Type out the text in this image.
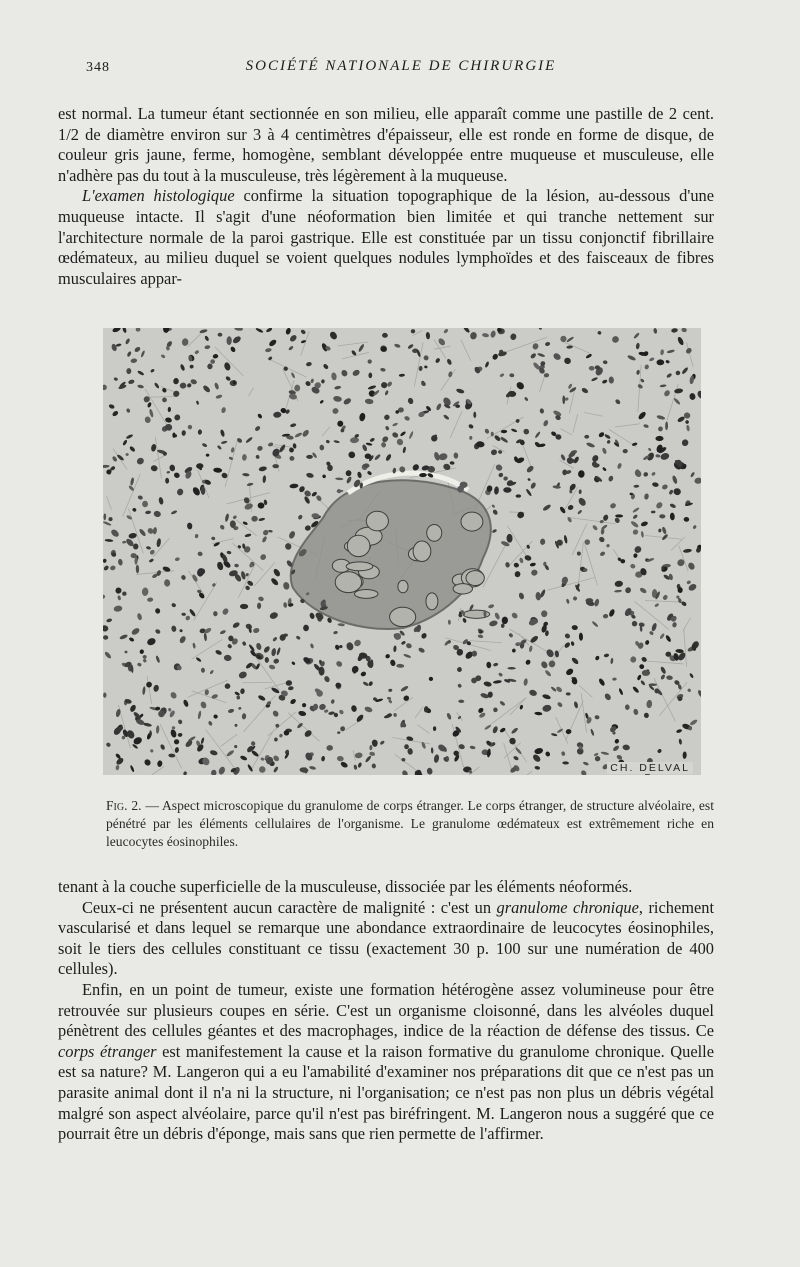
348	SOCIÉTÉ NATIONALE DE CHIRURGIE

est normal. La tumeur étant sectionnée en son milieu, elle apparaît comme une pastille de 2 cent. 1/2 de diamètre environ sur 3 à 4 centimètres d'épaisseur, elle est ronde en forme de disque, de couleur gris jaune, ferme, homogène, semblant développée entre muqueuse et musculeuse, elle n'adhère pas du tout à la musculeuse, très légèrement à la muqueuse.

L'examen histologique confirme la situation topographique de la lésion, au-dessous d'une muqueuse intacte. Il s'agit d'une néoformation bien limitée et qui tranche nettement sur l'architecture normale de la paroi gastrique. Elle est constituée par un tissu conjonctif fibrillaire œdémateux, au milieu duquel se voient quelques nodules lymphoïdes et des faisceaux de fibres musculaires appar-

CH. DELVAL
Fig. 2. — Aspect microscopique du granulome de corps étranger. Le corps étranger, de structure alvéolaire, est pénétré par les éléments cellulaires de l'organisme. Le granulome œdémateux est extrêmement riche en leucocytes éosinophiles.

tenant à la couche superficielle de la musculeuse, dissociée par les éléments néoformés.

Ceux-ci ne présentent aucun caractère de malignité : c'est un granulome chronique, richement vascularisé et dans lequel se remarque une abondance extraordinaire de leucocytes éosinophiles, soit le tiers des cellules constituant ce tissu (exactement 30 p. 100 sur une numération de 400 cellules).

Enfin, en un point de tumeur, existe une formation hétérogène assez volumineuse pour être retrouvée sur plusieurs coupes en série. C'est un organisme cloisonné, dans les alvéoles duquel pénètrent des cellules géantes et des macrophages, indice de la réaction de défense des tissus. Ce corps étranger est manifestement la cause et la raison formative du granulome chronique. Quelle est sa nature? M. Langeron qui a eu l'amabilité d'examiner nos préparations dit que ce n'est pas un parasite animal dont il n'a ni la structure, ni l'organisation; ce n'est pas non plus un débris végétal malgré son aspect alvéolaire, parce qu'il n'est pas biréfringent. M. Langeron nous a suggéré que ce pourrait être un débris d'éponge, mais sans que rien permette de l'affirmer.
